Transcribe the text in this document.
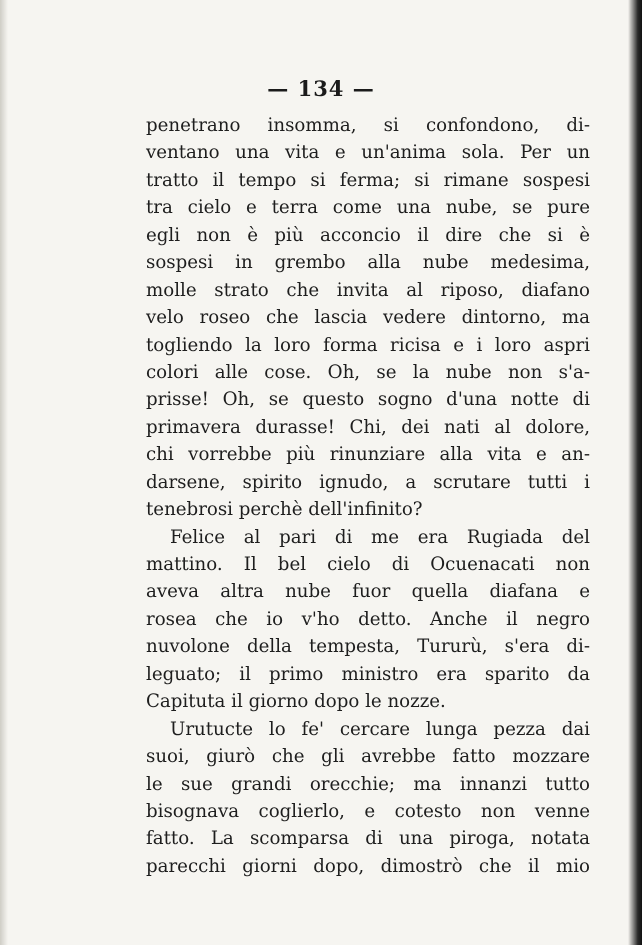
— 134 —
penetrano insomma, si confondono, di-
ventano una vita e un'anima sola. Per un
tratto il tempo si ferma; si rimane sospesi
tra cielo e terra come una nube, se pure
egli non è più acconcio il dire che si è
sospesi in grembo alla nube medesima,
molle strato che invita al riposo, diafano
velo roseo che lascia vedere dintorno, ma
togliendo la loro forma ricisa e i loro aspri
colori alle cose. Oh, se la nube non s'a-
prisse! Oh, se questo sogno d'una notte di
primavera durasse! Chi, dei nati al dolore,
chi vorrebbe più rinunziare alla vita e an-
darsene, spirito ignudo, a scrutare tutti i
tenebrosi perchè dell'infinito?
Felice al pari di me era Rugiada del
mattino. Il bel cielo di Ocuenacati non
aveva altra nube fuor quella diafana e
rosea che io v'ho detto. Anche il negro
nuvolone della tempesta, Tururù, s'era di-
leguato; il primo ministro era sparito da
Capituta il giorno dopo le nozze.
Urutucte lo fe' cercare lunga pezza dai
suoi, giurò che gli avrebbe fatto mozzare
le sue grandi orecchie; ma innanzi tutto
bisognava coglierlo, e cotesto non venne
fatto. La scomparsa di una piroga, notata
parecchi giorni dopo, dimostrò che il mio
